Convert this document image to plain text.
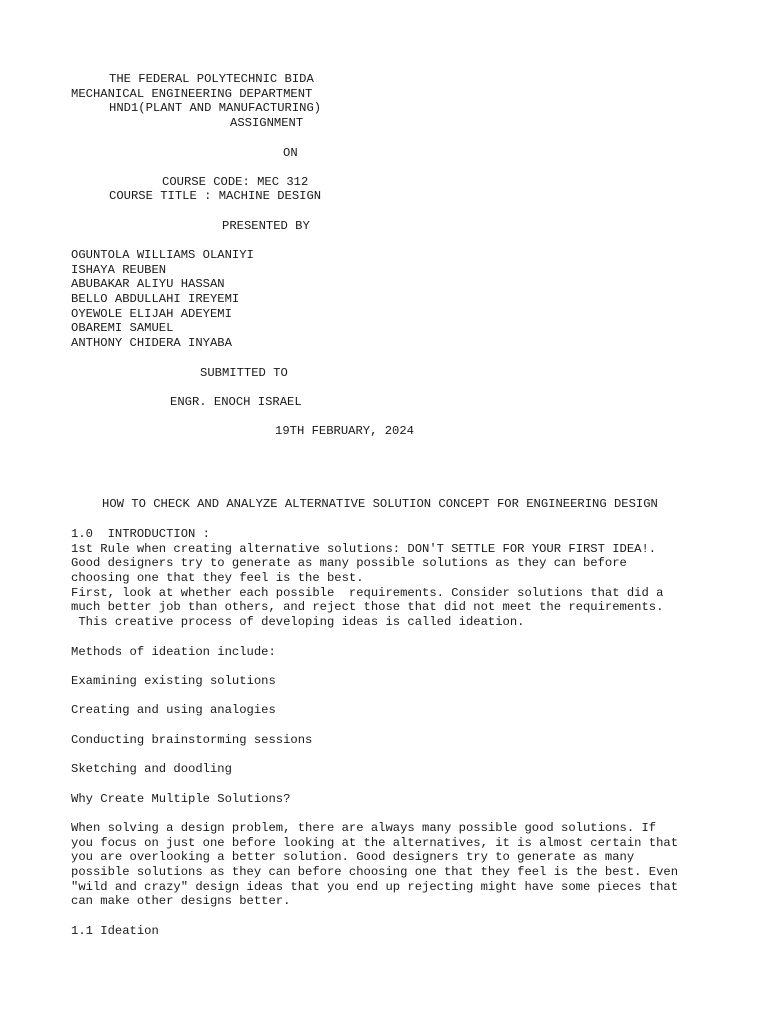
THE FEDERAL POLYTECHNIC BIDA

MECHANICAL ENGINEERING DEPARTMENT

HND1(PLANT AND MANUFACTURING)

ASSIGNMENT

ON

COURSE CODE: MEC 312

COURSE TITLE : MACHINE DESIGN

PRESENTED BY

OGUNTOLA WILLIAMS OLANIYI

ISHAYA REUBEN

ABUBAKAR ALIYU HASSAN

BELLO ABDULLAHI IREYEMI

OYEWOLE ELIJAH ADEYEMI

OBAREMI SAMUEL

ANTHONY CHIDERA INYABA

SUBMITTED TO

ENGR. ENOCH ISRAEL

19TH FEBRUARY, 2024

HOW TO CHECK AND ANALYZE ALTERNATIVE SOLUTION CONCEPT FOR ENGINEERING DESIGN

1.0  INTRODUCTION :

1st Rule when creating alternative solutions: DON'T SETTLE FOR YOUR FIRST IDEA!.

Good designers try to generate as many possible solutions as they can before

choosing one that they feel is the best.

First, look at whether each possible  requirements. Consider solutions that did a

much better job than others, and reject those that did not meet the requirements.

This creative process of developing ideas is called ideation.

Methods of ideation include:

Examining existing solutions

Creating and using analogies

Conducting brainstorming sessions

Sketching and doodling

Why Create Multiple Solutions?

When solving a design problem, there are always many possible good solutions. If

you focus on just one before looking at the alternatives, it is almost certain that

you are overlooking a better solution. Good designers try to generate as many

possible solutions as they can before choosing one that they feel is the best. Even

"wild and crazy" design ideas that you end up rejecting might have some pieces that

can make other designs better.

1.1 Ideation
